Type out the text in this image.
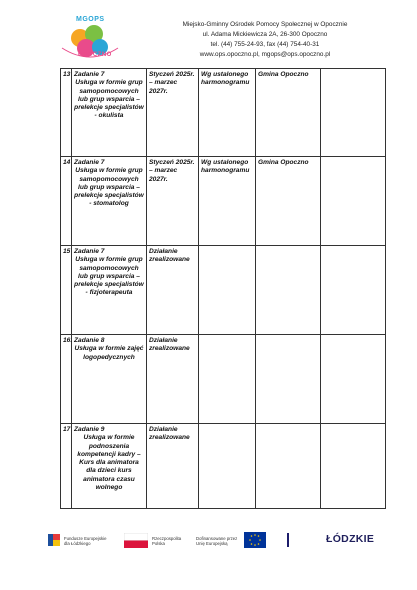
MGOPS
OPOCZNO
Miejsko-Gminny Ośrodek Pomocy Społecznej w Opocznie
ul. Adama Mickiewicza 2A, 26-300 Opoczno
tel. (44) 755-24-93, fax (44) 754-40-31
www.ops.opoczno.pl, mgops@ops.opoczno.pl
13	Zadanie 7
Usługa w formie grup samopomocowych lub grup wsparcia – prelekcje specjalistów - okulista	Styczeń 2025r. – marzec 2027r.	Wg ustalonego harmonogramu	Gmina Opoczno	
14	Zadanie 7
Usługa w formie grup samopomocowych lub grup wsparcia – prelekcje specjalistów - stomatolog	Styczeń 2025r. – marzec 2027r.	Wg ustalonego harmonogramu	Gmina Opoczno	
15	Zadanie 7
Usługa w formie grup samopomocowych lub grup wsparcia – prelekcje specjalistów - fizjoterapeuta	Działanie zrealizowane			
16.	Zadanie 8
Usługa w formie zajęć logopedycznych	Działanie zrealizowane			
17	Zadanie 9
Usługa w formie podnoszenia kompetencji kadry – Kurs dla animatora dla dzieci kurs animatora czasu wolnego	Działanie zrealizowane			
Fundusze Europejskie
dla Łódzkiego
Rzeczpospolita
Polska
Dofinansowane przez
Unię Europejską	ŁÓDZKIE
